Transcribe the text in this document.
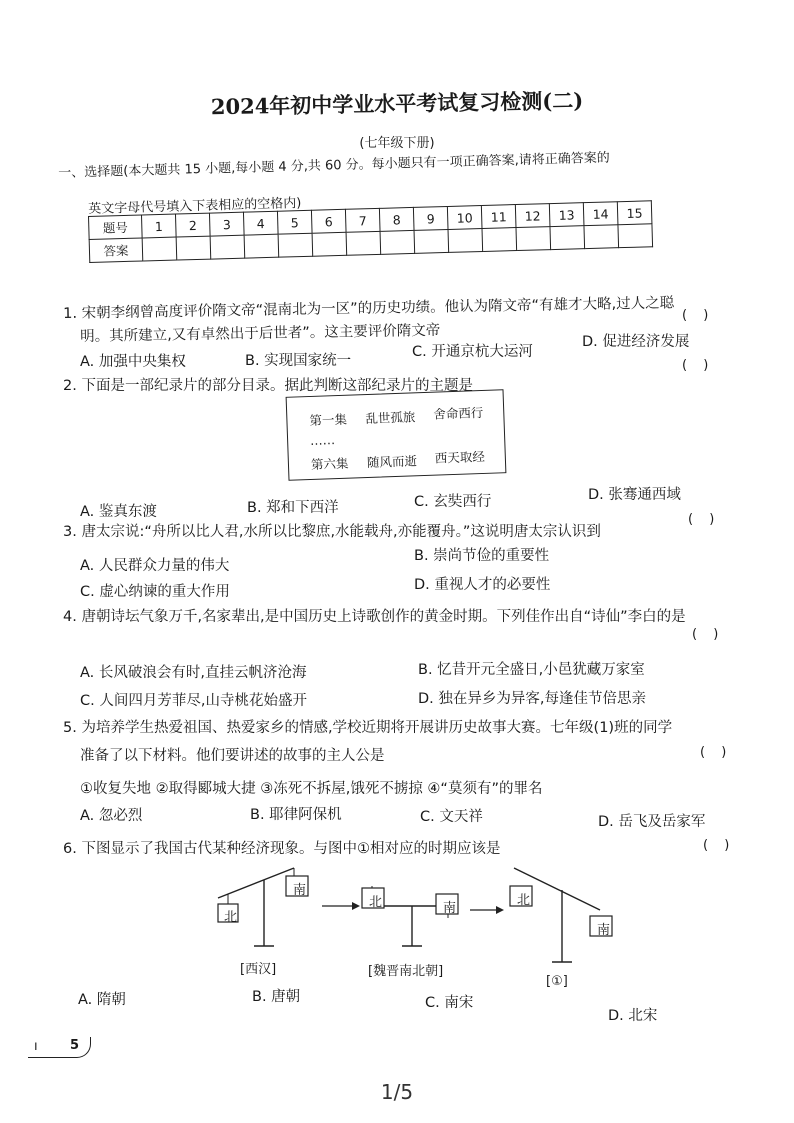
2024年初中学业水平考试复习检测(二)
(七年级下册)
一、选择题(本大题共 15 小题,每小题 4 分,共 60 分。每小题只有一项正确答案,请将正确答案的
英文字母代号填入下表相应的空格内)
题号	1	2	3	4	5	6	7	8	9	10	11	12	13	14	15
答案															
1. 宋朝李纲曾高度评价隋文帝“混南北为一区”的历史功绩。他认为隋文帝“有雄才大略,过人之聪 ( )
明。其所建立,又有卓然出于后世者”。这主要评价隋文帝
A. 加强中央集权	B. 实现国家统一
C. 开通京杭大运河
D. 促进经济发展
2. 下面是一部纪录片的部分目录。据此判断这部纪录片的主题是
( )
第一集 乱世孤旅 舍命西行
……
第六集 随风而逝 西天取经
A. 鉴真东渡	B. 郑和下西洋	C. 玄奘西行	D. 张骞通西域
3. 唐太宗说:“舟所以比人君,水所以比黎庶,水能载舟,亦能覆舟。”这说明唐太宗认识到
( )
A. 人民群众力量的伟大
B. 崇尚节俭的重要性
C. 虚心纳谏的重大作用	D. 重视人才的必要性
4. 唐朝诗坛气象万千,名家辈出,是中国历史上诗歌创作的黄金时期。下列佳作出自“诗仙”李白的是
( )
A. 长风破浪会有时,直挂云帆济沧海	B. 忆昔开元全盛日,小邑犹藏万家室
C. 人间四月芳菲尽,山寺桃花始盛开	D. 独在异乡为异客,每逢佳节倍思亲
5. 为培养学生热爱祖国、热爱家乡的情感,学校近期将开展讲历史故事大赛。七年级(1)班的同学
准备了以下材料。他们要讲述的故事的主人公是	( )
①收复失地 ②取得郾城大捷 ③冻死不拆屋,饿死不掳掠 ④“莫须有”的罪名
A. 忽必烈	B. 耶律阿保机	C. 文天祥	D. 岳飞及岳家军
6. 下图显示了我国古代某种经济现象。与图中①相对应的时期应该是	( )
北
南
北	南
北
南
[西汉]	[魏晋南北朝]
[①]
A. 隋朝	B. 唐朝	C. 南宋
D. 北宋
ı 5
1/5
